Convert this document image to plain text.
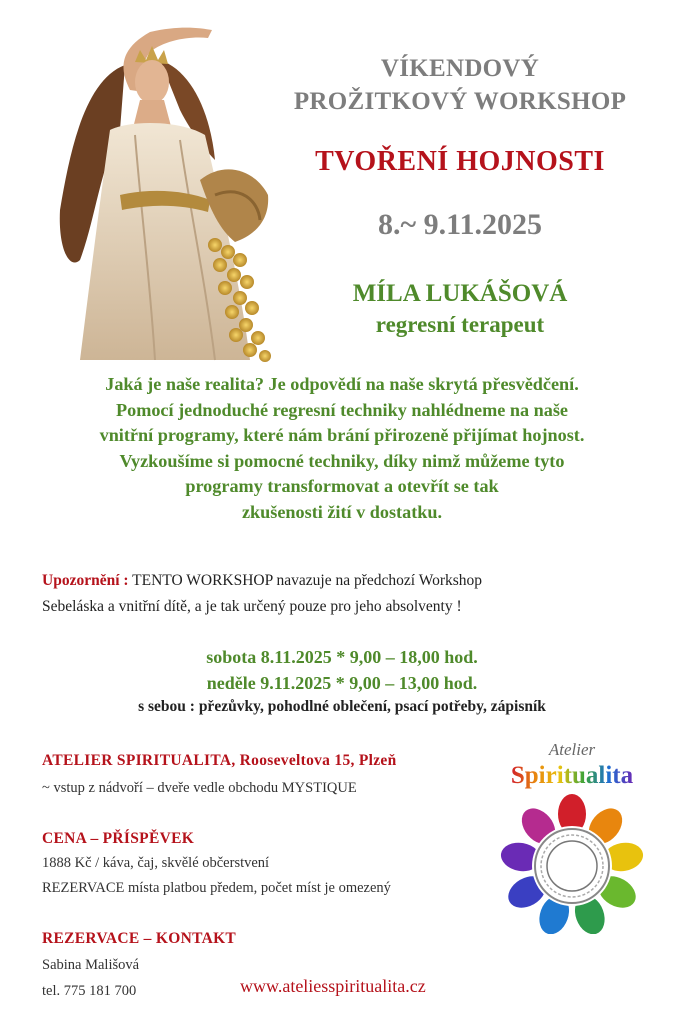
VÍKENDOVÝ
PROŽITKOVÝ WORKSHOP
TVOŘENÍ HOJNOSTI
8.~ 9.11.2025
MÍLA LUKÁŠOVÁ
regresní terapeut
Jaká je naše realita? Je odpovědí na naše skrytá přesvědčení.
Pomocí jednoduché regresní techniky nahlédneme na naše
vnitřní programy, které nám brání přirozeně přijímat hojnost.
Vyzkoušíme si pomocné techniky, díky nimž můžeme tyto
programy transformovat a otevřít se tak
zkušenosti žití v dostatku.
Upozornění : TENTO WORKSHOP navazuje na předchozí Workshop
Sebeláska a vnitřní dítě, a je tak určený pouze pro jeho absolventy !
sobota 8.11.2025 * 9,00 – 18,00 hod.
neděle 9.11.2025 * 9,00 – 13,00 hod.
s sebou : přezůvky, pohodlné oblečení, psací potřeby, zápisník
ATELIER SPIRITUALITA, Rooseveltova 15, Plzeň
~ vstup z nádvoří – dveře vedle obchodu MYSTIQUE
CENA – PŘÍSPĚVEK
1888 Kč / káva, čaj, skvělé občerstvení
REZERVACE místa platbou předem, počet míst je omezený
REZERVACE – KONTAKT
Sabina Mališová
tel. 775 181 700	www.ateliesspiritualita.cz
Atelier
Spiritualita
